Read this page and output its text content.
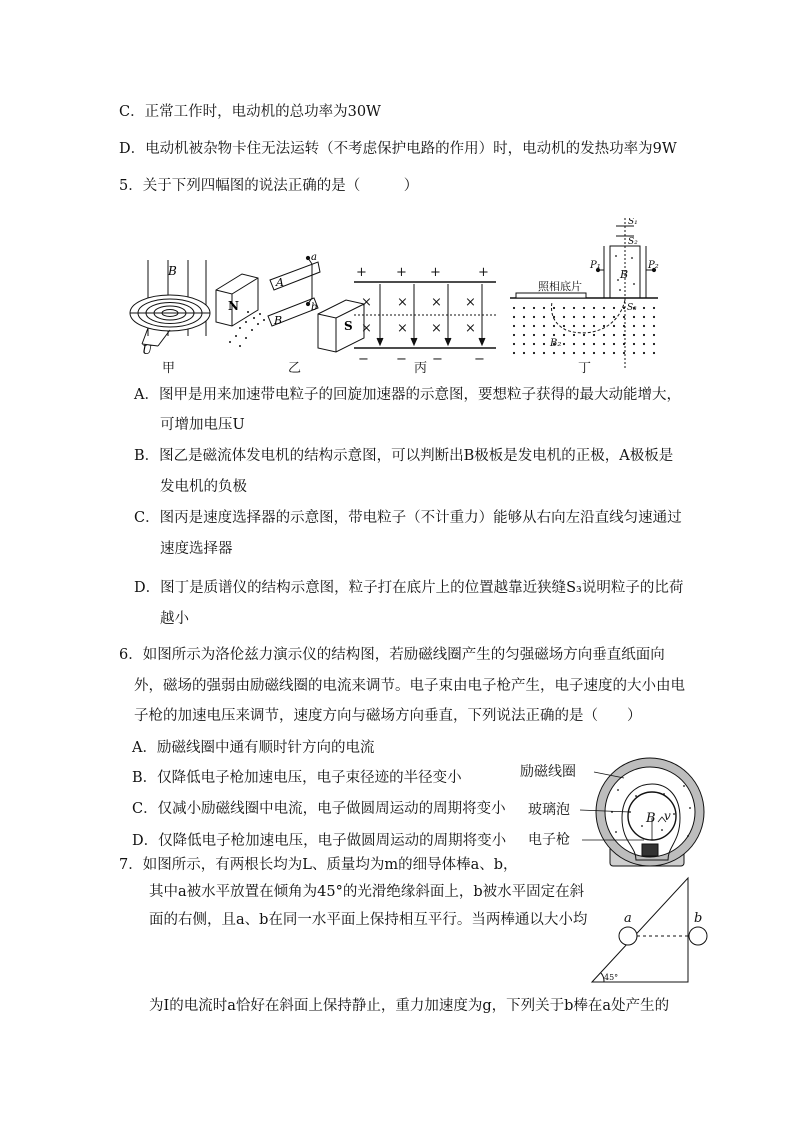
C．正常工作时，电动机的总功率为30W
D．电动机被杂物卡住无法运转（不考虑保护电路的作用）时，电动机的发热功率为9W
5．关于下列四幅图的说法正确的是（　　　）
B
U
N
S
A
B
a
b
+ + +	+
× × × ×
× × × ×
− − − −
照相底片
P₁	P₂
B
S₁
S₂
S₃
B₂
甲	乙	丙	丁
A．图甲是用来加速带电粒子的回旋加速器的示意图，要想粒子获得的最大动能增大，
可增加电压U
B．图乙是磁流体发电机的结构示意图，可以判断出B极板是发电机的正极，A极板是
发电机的负极
C．图丙是速度选择器的示意图，带电粒子（不计重力）能够从右向左沿直线匀速通过
速度选择器
D．图丁是质谱仪的结构示意图，粒子打在底片上的位置越靠近狭缝S₃说明粒子的比荷
越小
6．如图所示为洛伦兹力演示仪的结构图，若励磁线圈产生的匀强磁场方向垂直纸面向
外，磁场的强弱由励磁线圈的电流来调节。电子束由电子枪产生，电子速度的大小由电
子枪的加速电压来调节，速度方向与磁场方向垂直，下列说法正确的是（　　）
A．励磁线圈中通有顺时针方向的电流
B．仅降低电子枪加速电压，电子束径迹的半径变小
C．仅减小励磁线圈中电流，电子做圆周运动的周期将变小
D．仅降低电子枪加速电压，电子做圆周运动的周期将变小
励磁线圈
玻璃泡
电子枪
B v
7．如图所示，有两根长均为L、质量均为m的细导体棒a、b，
其中a被水平放置在倾角为45°的光滑绝缘斜面上，b被水平固定在斜
面的右侧，且a、b在同一水平面上保持相互平行。当两棒通以大小均	a	b
45°
为I的电流时a恰好在斜面上保持静止，重力加速度为g，下列关于b棒在a处产生的
